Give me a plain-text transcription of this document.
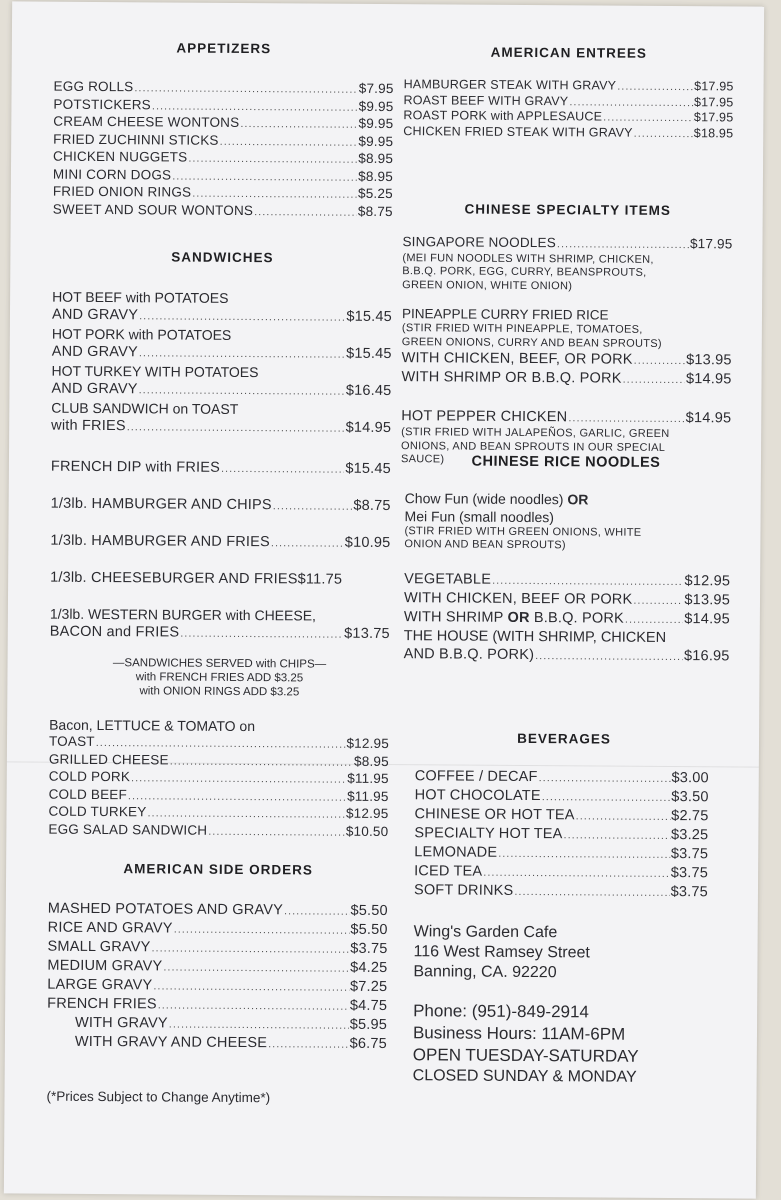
APPETIZERS
EGG ROLLS .....	$7.95
POTSTICKERS .....	$9.95
CREAM CHEESE WONTONS .....	$9.95
FRIED ZUCHINNI STICKS .....	$9.95
CHICKEN NUGGETS .....	$8.95
MINI CORN DOGS .....	$8.95
FRIED ONION RINGS .....	$5.25
SWEET AND SOUR WONTONS .....	$8.75
SANDWICHES
HOT BEEF with POTATOES
AND GRAVY .....	$15.45
HOT PORK with POTATOES
AND GRAVY .....	$15.45
HOT TURKEY WITH POTATOES
AND GRAVY .....	$16.45
CLUB SANDWICH on TOAST
with FRIES .....	$14.95
FRENCH DIP with FRIES .....	$15.45
1/3lb. HAMBURGER AND CHIPS .....	$8.75
1/3lb. HAMBURGER AND FRIES .....	$10.95
1/3lb. CHEESEBURGER AND FRIES $11.75
1/3lb. WESTERN BURGER with CHEESE,
BACON and FRIES .....	$13.75
—SANDWICHES SERVED with CHIPS—
with FRENCH FRIES ADD $3.25
with ONION RINGS ADD $3.25
Bacon, LETTUCE & TOMATO on
TOAST .....	$12.95
GRILLED CHEESE .....	$8.95
COLD PORK .....	$11.95
COLD BEEF .....	$11.95
COLD TURKEY .....	$12.95
EGG SALAD SANDWICH .....	$10.50
AMERICAN SIDE ORDERS
MASHED POTATOES AND GRAVY .....	$5.50
RICE AND GRAVY .....	$5.50
SMALL GRAVY .....	$3.75
MEDIUM GRAVY .....	$4.25
LARGE GRAVY .....	$7.25
FRENCH FRIES .....	$4.75
WITH GRAVY .....	$5.95
WITH GRAVY AND CHEESE .....	$6.75
(*Prices Subject to Change Anytime*)
AMERICAN ENTREES
HAMBURGER STEAK WITH GRAVY .....	$17.95
ROAST BEEF WITH GRAVY .....	$17.95
ROAST PORK with APPLESAUCE .....	$17.95
CHICKEN FRIED STEAK WITH GRAVY .....	$18.95
CHINESE SPECIALTY ITEMS
SINGAPORE NOODLES .....	$17.95
(MEI FUN NOODLES WITH SHRIMP, CHICKEN,
B.B.Q. PORK, EGG, CURRY, BEANSPROUTS,
GREEN ONION, WHITE ONION)
PINEAPPLE CURRY FRIED RICE
(STIR FRIED WITH PINEAPPLE, TOMATOES,
GREEN ONIONS, CURRY AND BEAN SPROUTS)
WITH CHICKEN, BEEF, OR PORK .....	$13.95
WITH SHRIMP OR B.B.Q. PORK .....	$14.95
HOT PEPPER CHICKEN .....	$14.95
(STIR FRIED WITH JALAPEÑOS, GARLIC, GREEN
ONIONS, AND BEAN SPROUTS IN OUR SPECIAL
SAUCE)	CHINESE RICE NOODLES
Chow Fun (wide noodles) OR
Mei Fun (small noodles)
(STIR FRIED WITH GREEN ONIONS, WHITE
ONION AND BEAN SPROUTS)
VEGETABLE .....	$12.95
WITH CHICKEN, BEEF OR PORK .....	$13.95
WITH SHRIMP OR B.B.Q. PORK .....	$14.95
THE HOUSE (WITH SHRIMP, CHICKEN
AND B.B.Q. PORK) .....	$16.95
BEVERAGES
COFFEE / DECAF .....	$3.00
HOT CHOCOLATE .....	$3.50
CHINESE OR HOT TEA .....	$2.75
SPECIALTY HOT TEA .....	$3.25
LEMONADE .....	$3.75
ICED TEA .....	$3.75
SOFT DRINKS .....	$3.75
Wing's Garden Cafe
116 West Ramsey Street
Banning, CA. 92220
Phone: (951)-849-2914
Business Hours: 11AM-6PM
OPEN TUESDAY-SATURDAY
CLOSED SUNDAY & MONDAY
